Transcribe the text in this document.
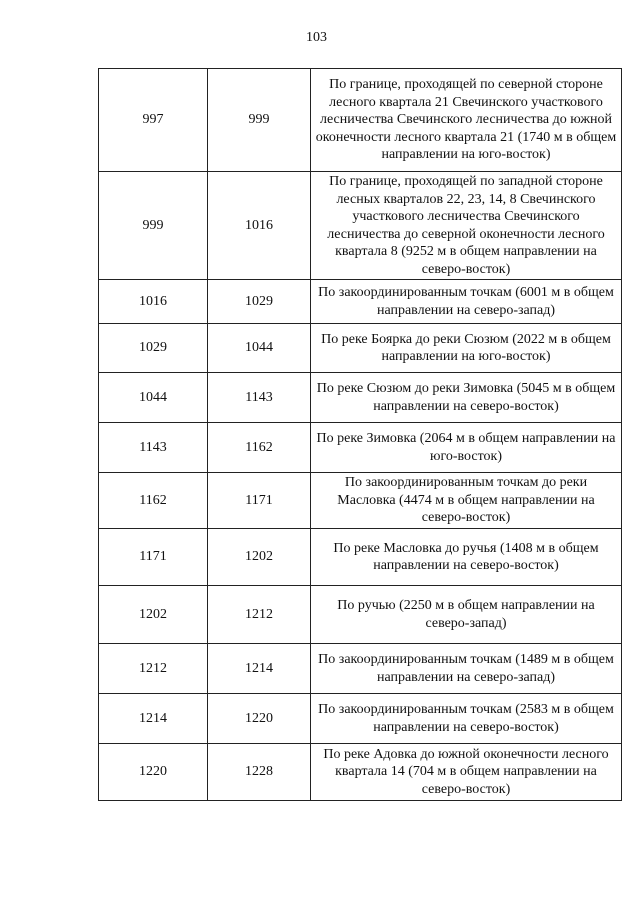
103
997	999	По границе, проходящей по северной стороне лесного квартала 21 Свечинского участкового лесничества Свечинского лесничества до южной оконечности лесного квартала 21 (1740 м в общем направлении на юго-восток)
999	1016	По границе, проходящей по западной стороне лесных кварталов 22, 23, 14, 8 Свечинского участкового лесничества Свечинского лесничества до северной оконечности лесного квартала 8 (9252 м в общем направлении на северо-восток)
1016	1029	По закоординированным точкам (6001 м в общем направлении на северо-запад)
1029	1044	По реке Боярка до реки Сюзюм (2022 м в общем направлении на юго-восток)
1044	1143	По реке Сюзюм до реки Зимовка (5045 м в общем направлении на северо-восток)
1143	1162	По реке Зимовка (2064 м в общем направлении на юго-восток)
1162	1171	По закоординированным точкам до реки Масловка (4474 м в общем направлении на северо-восток)
1171	1202	По реке Масловка до ручья (1408 м в общем направлении на северо-восток)
1202	1212	По ручью (2250 м в общем направлении на северо-запад)
1212	1214	По закоординированным точкам (1489 м в общем направлении на северо-запад)
1214	1220	По закоординированным точкам (2583 м в общем направлении на северо-восток)
1220	1228	По реке Адовка до южной оконечности лесного квартала 14 (704 м в общем направлении на северо-восток)
